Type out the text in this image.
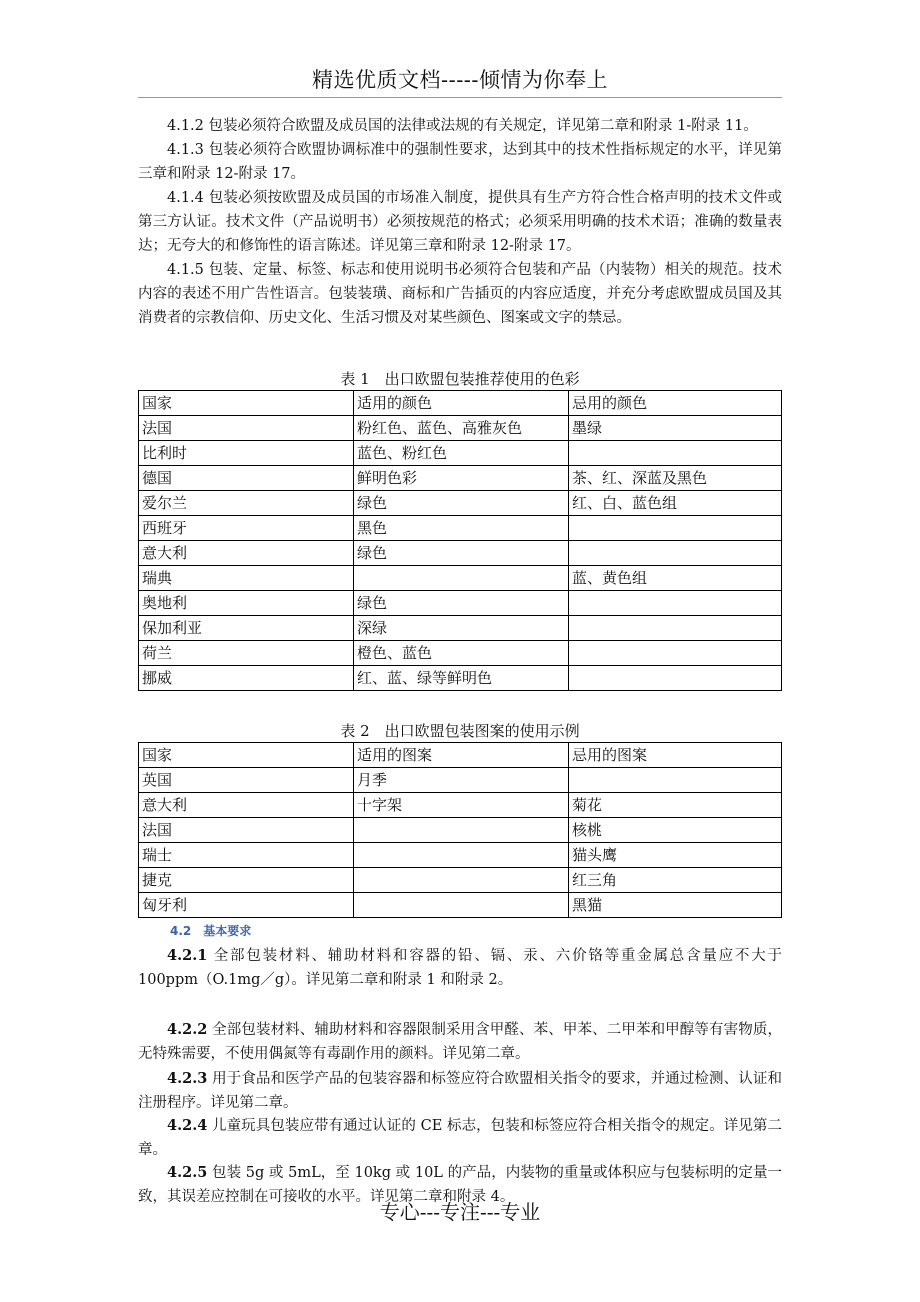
精选优质文档-----倾情为你奉上

4.1.2 包装必须符合欧盟及成员国的法律或法规的有关规定，详见第二章和附录 1-附录 11。

4.1.3 包装必须符合欧盟协调标准中的强制性要求，达到其中的技术性指标规定的水平，详见第三章和附录 12-附录 17。

4.1.4 包装必须按欧盟及成员国的市场准入制度，提供具有生产方符合性合格声明的技术文件或第三方认证。技术文件（产品说明书）必须按规范的格式；必须采用明确的技术术语；准确的数量表达；无夸大的和修饰性的语言陈述。详见第三章和附录 12-附录 17。

4.1.5 包装、定量、标签、标志和使用说明书必须符合包装和产品（内装物）相关的规范。技术内容的表述不用广告性语言。包装装璜、商标和广告插页的内容应适度，并充分考虑欧盟成员国及其消费者的宗教信仰、历史文化、生活习惯及对某些颜色、图案或文字的禁忌。

表 1　出口欧盟包装推荐使用的色彩
国家	适用的颜色	忌用的颜色
法国	粉红色、蓝色、高雅灰色	墨绿
比利时	蓝色、粉红色	
德国	鲜明色彩	茶、红、深蓝及黑色
爱尔兰	绿色	红、白、蓝色组
西班牙	黑色	
意大利	绿色	
瑞典		蓝、黄色组
奥地利	绿色	
保加利亚	深绿	
荷兰	橙色、蓝色	
挪威	红、蓝、绿等鲜明色	
表 2　出口欧盟包装图案的使用示例
国家	适用的图案	忌用的图案
英国	月季	
意大利	十字架	菊花
法国		核桃
瑞士		猫头鹰
捷克		红三角
匈牙利		黑猫
4.2　基本要求

4.2.1 全部包装材料、辅助材料和容器的铅、镉、汞、六价铬等重金属总含量应不大于 100ppm（O.1mg／g）。详见第二章和附录 1 和附录 2。

4.2.2 全部包装材料、辅助材料和容器限制采用含甲醛、苯、甲苯、二甲苯和甲醇等有害物质，无特殊需要，不使用偶氮等有毒副作用的颜料。详见第二章。

4.2.3 用于食品和医学产品的包装容器和标签应符合欧盟相关指令的要求，并通过检测、认证和注册程序。详见第二章。

4.2.4 儿童玩具包装应带有通过认证的 CE 标志，包装和标签应符合相关指令的规定。详见第二章。

4.2.5 包装 5g 或 5mL，至 10kg 或 10L 的产品，内装物的重量或体积应与包装标明的定量一致，其误差应控制在可接收的水平。详见第二章和附录 4。

专心---专注---专业
